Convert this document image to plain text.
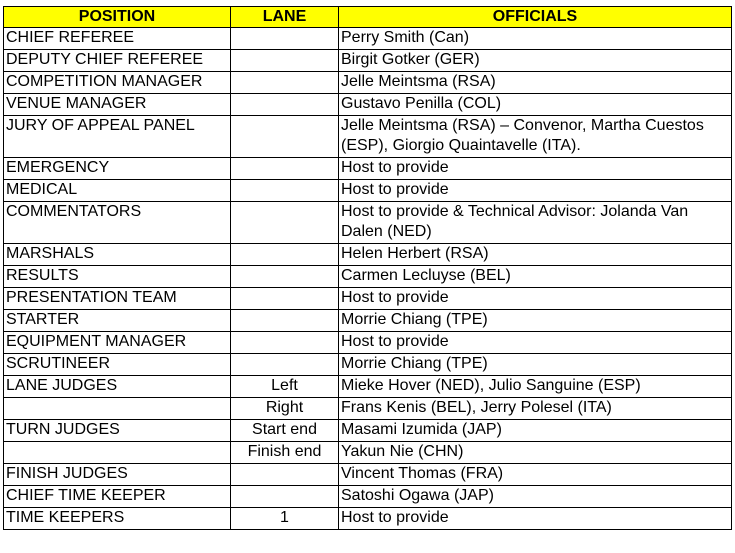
POSITION	LANE	OFFICIALS
CHIEF REFEREE		Perry Smith (Can)
DEPUTY CHIEF REFEREE		Birgit Gotker (GER)
COMPETITION MANAGER		Jelle Meintsma (RSA)
VENUE MANAGER		Gustavo Penilla (COL)
JURY OF APPEAL PANEL		Jelle Meintsma (RSA) – Convenor, Martha Cuestos (ESP), Giorgio Quaintavelle (ITA).
EMERGENCY		Host to provide
MEDICAL		Host to provide
COMMENTATORS		Host to provide & Technical Advisor: Jolanda Van Dalen (NED)
MARSHALS		Helen Herbert (RSA)
RESULTS		Carmen Lecluyse (BEL)
PRESENTATION TEAM		Host to provide
STARTER		Morrie Chiang (TPE)
EQUIPMENT MANAGER		Host to provide
SCRUTINEER		Morrie Chiang (TPE)
LANE JUDGES	Left	Mieke Hover (NED), Julio Sanguine (ESP)
	Right	Frans Kenis (BEL), Jerry Polesel (ITA)
TURN JUDGES	Start end	Masami Izumida (JAP)
	Finish end	Yakun Nie (CHN)
FINISH JUDGES		Vincent Thomas (FRA)
CHIEF TIME KEEPER		Satoshi Ogawa (JAP)
TIME KEEPERS	1	Host to provide
